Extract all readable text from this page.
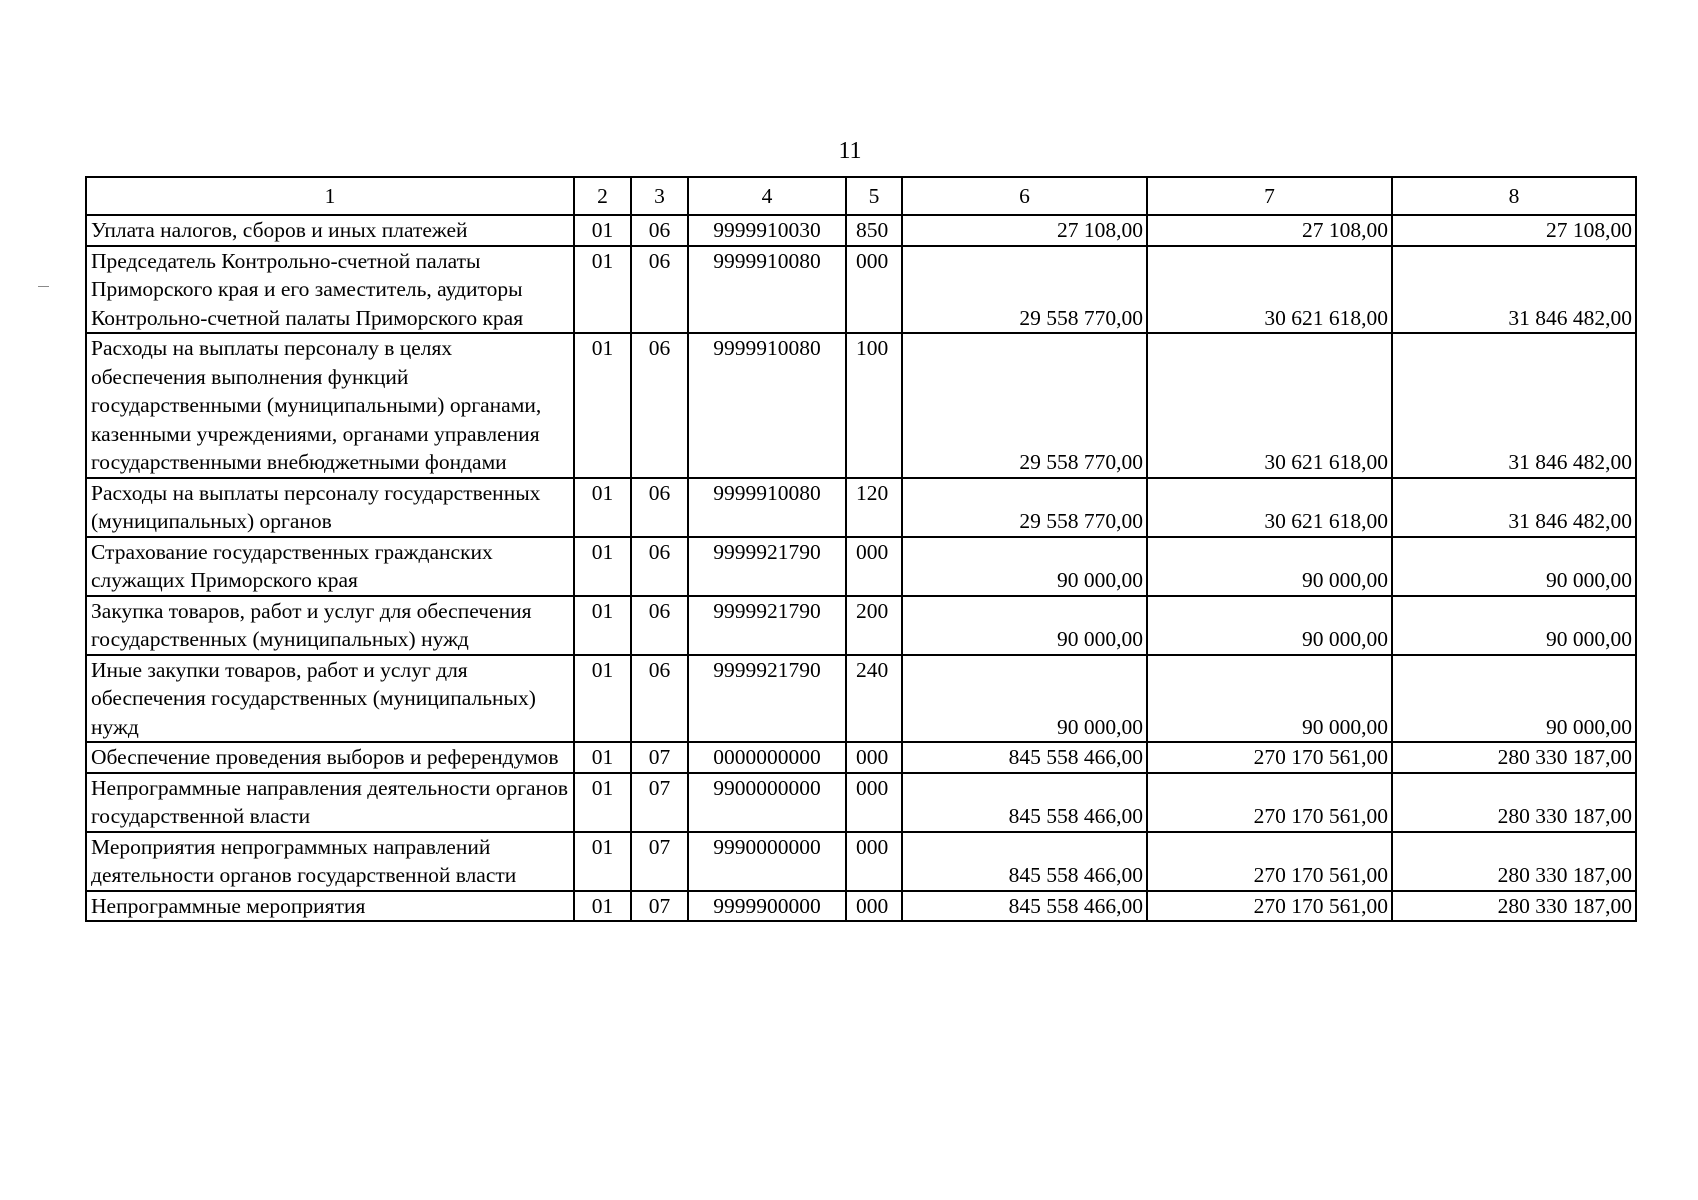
11
1	2	3	4	5	6	7	8
Уплата налогов, сборов и иных платежей	01	06	9999910030	850	27 108,00	27 108,00	27 108,00
Председатель Контрольно-счетной палаты Приморского края и его заместитель, аудиторы Контрольно-счетной палаты Приморского края	01	06	9999910080	000	29 558 770,00	30 621 618,00	31 846 482,00
Расходы на выплаты персоналу в целях обеспечения выполнения функций государственными (муниципальными) органами, казенными учреждениями, органами управления государственными внебюджетными фондами	01	06	9999910080	100	29 558 770,00	30 621 618,00	31 846 482,00
Расходы на выплаты персоналу государственных (муниципальных) органов	01	06	9999910080	120	29 558 770,00	30 621 618,00	31 846 482,00
Страхование государственных гражданских служащих Приморского края	01	06	9999921790	000	90 000,00	90 000,00	90 000,00
Закупка товаров, работ и услуг для обеспечения государственных (муниципальных) нужд	01	06	9999921790	200	90 000,00	90 000,00	90 000,00
Иные закупки товаров, работ и услуг для обеспечения государственных (муниципальных) нужд	01	06	9999921790	240	90 000,00	90 000,00	90 000,00
Обеспечение проведения выборов и референдумов	01	07	0000000000	000	845 558 466,00	270 170 561,00	280 330 187,00
Непрограммные направления деятельности органов государственной власти	01	07	9900000000	000	845 558 466,00	270 170 561,00	280 330 187,00
Мероприятия непрограммных направлений деятельности органов государственной власти	01	07	9990000000	000	845 558 466,00	270 170 561,00	280 330 187,00
Непрограммные мероприятия	01	07	9999900000	000	845 558 466,00	270 170 561,00	280 330 187,00
